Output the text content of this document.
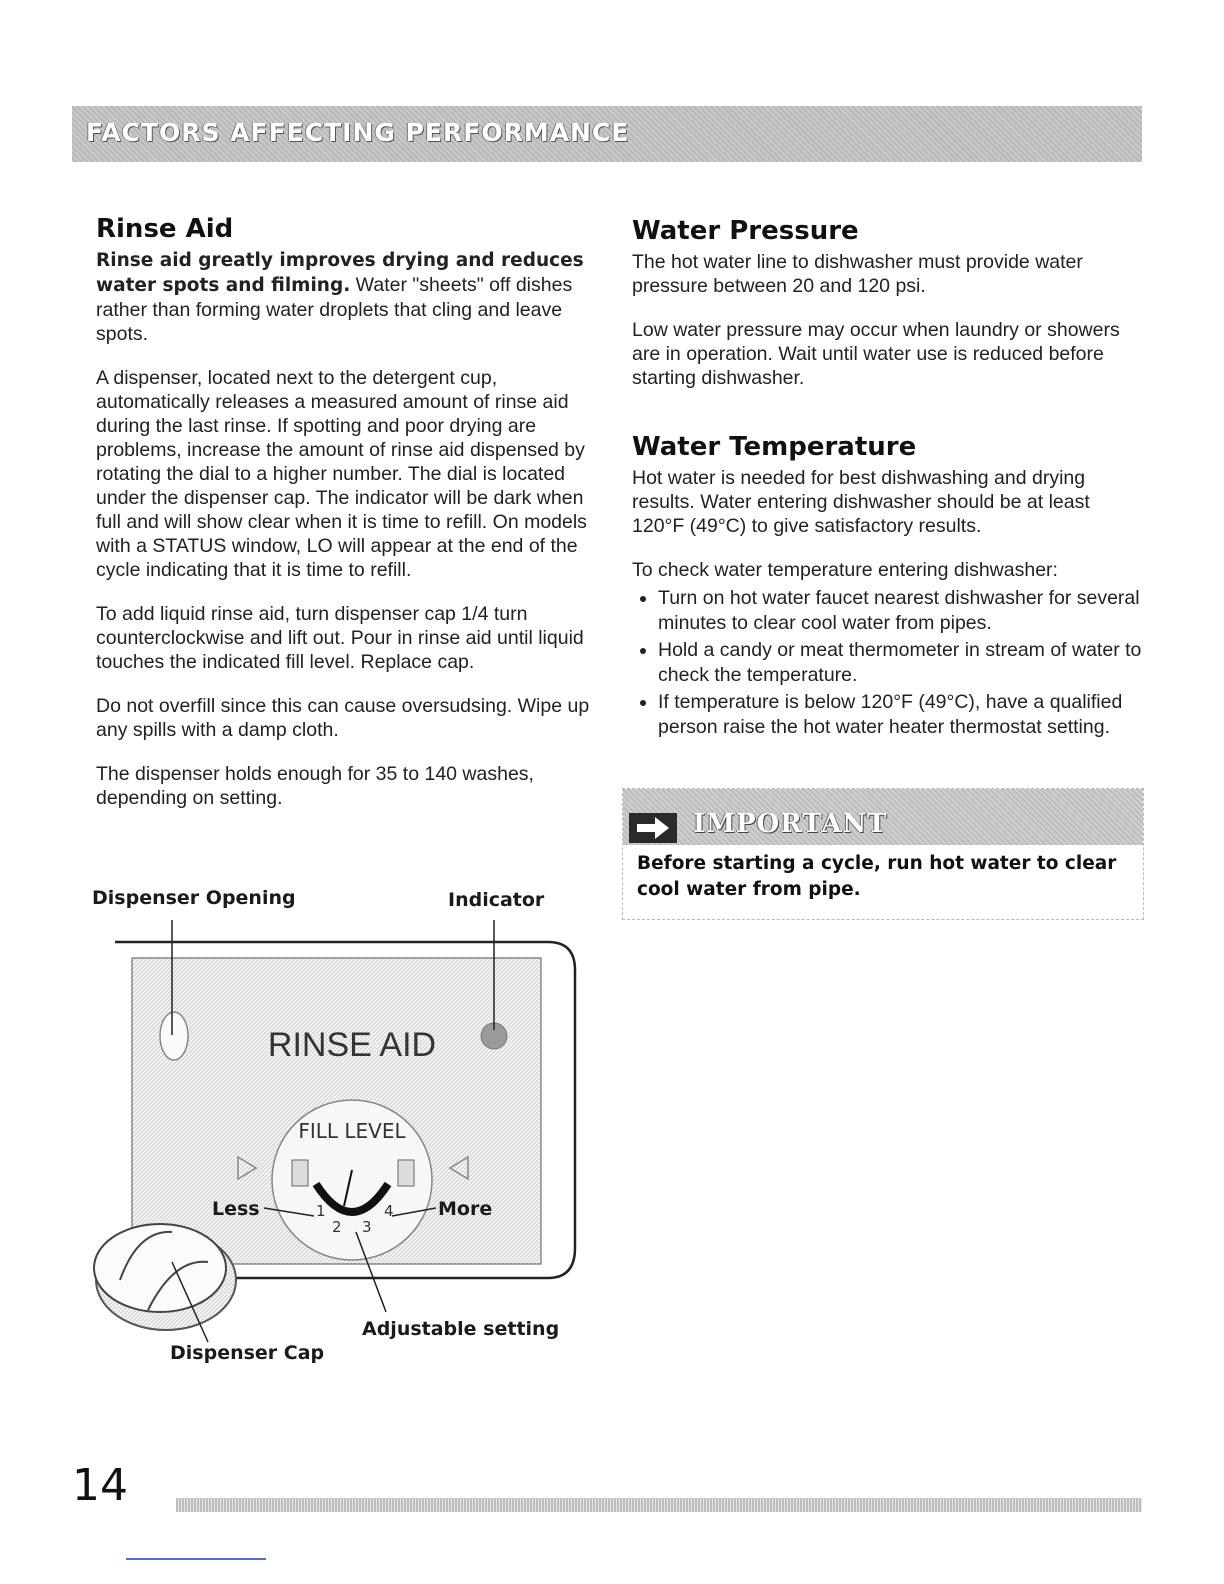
FACTORS AFFECTING PERFORMANCE
Rinse Aid

Rinse aid greatly improves drying and reduces water spots and filming. Water "sheets" off dishes rather than forming water droplets that cling and leave spots.

A dispenser, located next to the detergent cup, automatically releases a measured amount of rinse aid during the last rinse. If spotting and poor drying are problems, increase the amount of rinse aid dispensed by rotating the dial to a higher number. The dial is located under the dispenser cap. The indicator will be dark when full and will show clear when it is time to refill. On models with a STATUS window, LO will appear at the end of the cycle indicating that it is time to refill.

To add liquid rinse aid, turn dispenser cap 1/4 turn counterclockwise and lift out. Pour in rinse aid until liquid touches the indicated fill level. Replace cap.

Do not overfill since this can cause oversudsing. Wipe up any spills with a damp cloth.

The dispenser holds enough for 35 to 140 washes, depending on setting.

Water Pressure

The hot water line to dishwasher must provide water pressure between 20 and 120 psi.

Low water pressure may occur when laundry or showers are in operation. Wait until water use is reduced before starting dishwasher.

Water Temperature

Hot water is needed for best dishwashing and drying results. Water entering dishwasher should be at least 120°F (49°C) to give satisfactory results.

To check water temperature entering dishwasher:

• Turn on hot water faucet nearest dishwasher for several minutes to clear cool water from pipes.
• Hold a candy or meat thermometer in stream of water to check the temperature.
• If temperature is below 120°F (49°C), have a qualified person raise the hot water heater thermostat setting.
IMPORTANT
Before starting a cycle, run hot water to clear cool water from pipe.
RINSE AID
FILL LEVEL
1
2 3
4
Less	More
Dispenser Opening	Indicator
Adjustable setting
Dispenser Cap
14
